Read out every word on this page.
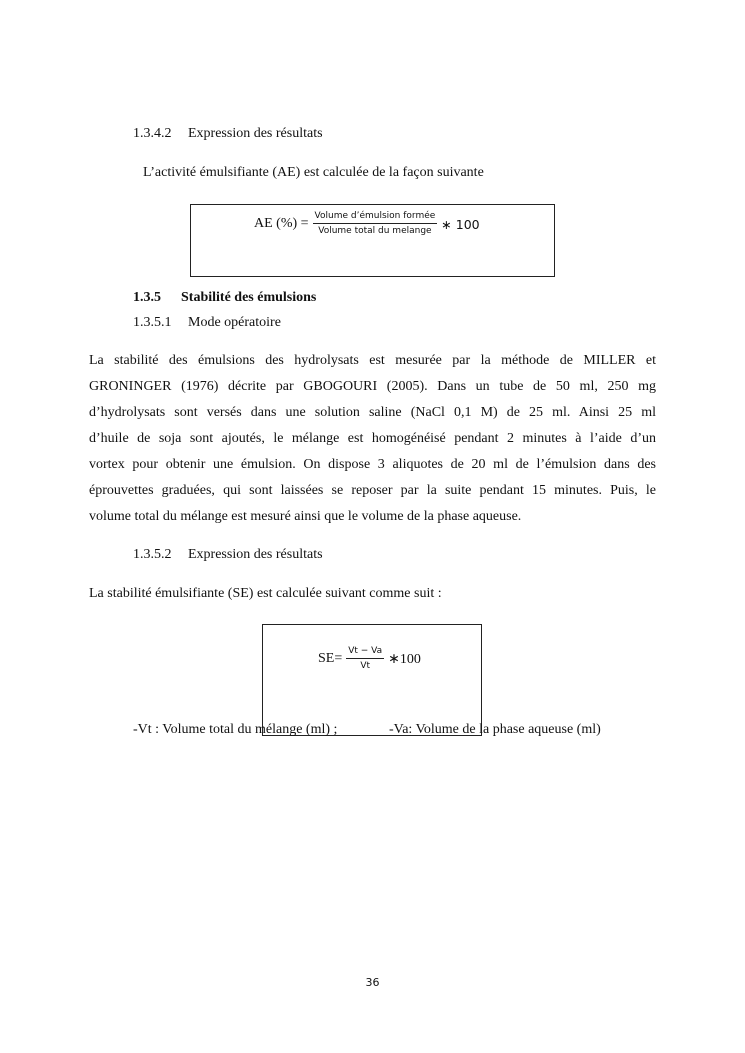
1.3.4.2 Expression des résultats
L’activité émulsifiante (AE) est calculée de la façon suivante
AE (%) = $\frac{\text{Volume d’émulsion formée}}{\text{Volume total du melange}}$ ∗ 100
1.3.5 Stabilité des émulsions
1.3.5.1 Mode opératoire
La stabilité des émulsions des hydrolysats est mesurée par la méthode de MILLER et
GRONINGER (1976) décrite par GBOGOURI (2005). Dans un tube de 50 ml, 250 mg
d’hydrolysats sont versés dans une solution saline (NaCl 0,1 M) de 25 ml. Ainsi 25 ml
d’huile de soja sont ajoutés, le mélange est homogénéisé pendant 2 minutes à l’aide d’un
vortex pour obtenir une émulsion. On dispose 3 aliquotes de 20 ml de l’émulsion dans des
éprouvettes graduées, qui sont laissées se reposer par la suite pendant 15 minutes. Puis, le
volume total du mélange est mesuré ainsi que le volume de la phase aqueuse.
1.3.5.2 Expression des résultats
La stabilité émulsifiante (SE) est calculée suivant comme suit :
$SE= \frac{Vt - Va}{Vt}$ ∗100
-Vt : Volume total du mélange (ml) ;	-Va: Volume de la phase aqueuse (ml)
36
